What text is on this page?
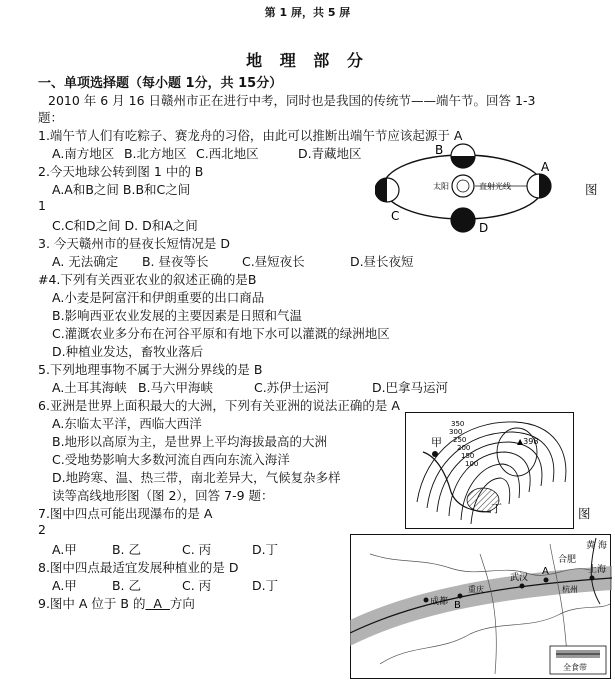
第 1 屏，共 5 屏
地 理 部 分
一、单项选择题（每小题 1分，共 15分）
2010 年 6 月 16 日赣州市正在进行中考，同时也是我国的传统节——端午节。回答 1-3
题：
1.端午节人们有吃粽子、赛龙舟的习俗，由此可以推断出端午节应该起源于 A
A.南方地区 B.北方地区 C.西北地区	D.青藏地区
2.今天地球公转到图 1 中的 B
A.A和B之间 B.B和C之间
1
C.C和D之间 D. D和A之间
图
3. 今天赣州市的昼夜长短情况是 D
A. 无法确定 B. 昼夜等长	C.昼短夜长	D.昼长夜短
#4.下列有关西亚农业的叙述正确的是B
A.小麦是阿富汗和伊朗重要的出口商品
B.影响西亚农业发展的主要因素是日照和气温
C.灌溉农业多分布在河谷平原和有地下水可以灌溉的绿洲地区
D.种植业发达，畜牧业落后
5.下列地理事物不属于大洲分界线的是 B
A.土耳其海峡 B.马六甲海峡	C.苏伊士运河	D.巴拿马运河
6.亚洲是世界上面积最大的大洲，下列有关亚洲的说法正确的是 A
A.东临太平洋，西临大西洋
B.地形以高原为主，是世界上平均海拔最高的大洲
C.受地势影响大多数河流自西向东流入海洋
D.地跨寒、温、热三带，南北差异大，气候复杂多样
读等高线地形图（图 2），回答 7-9 题：
7.图中四点可能出现瀑布的是 A	图
2
A.甲	B. 乙	C. 丙	D.丁
8.图中四点最适宜发展种植业的是 D
A.甲	B. 乙	C. 丙	D.丁
9.图中 A 位于 B 的  A  方向
太阳	直射光线
A
B
C
D
甲	▲398
350
300
250
200
150
100
丁
成都
武汉
上海
合肥
黄 海
重庆	杭州
B
A
全食带
